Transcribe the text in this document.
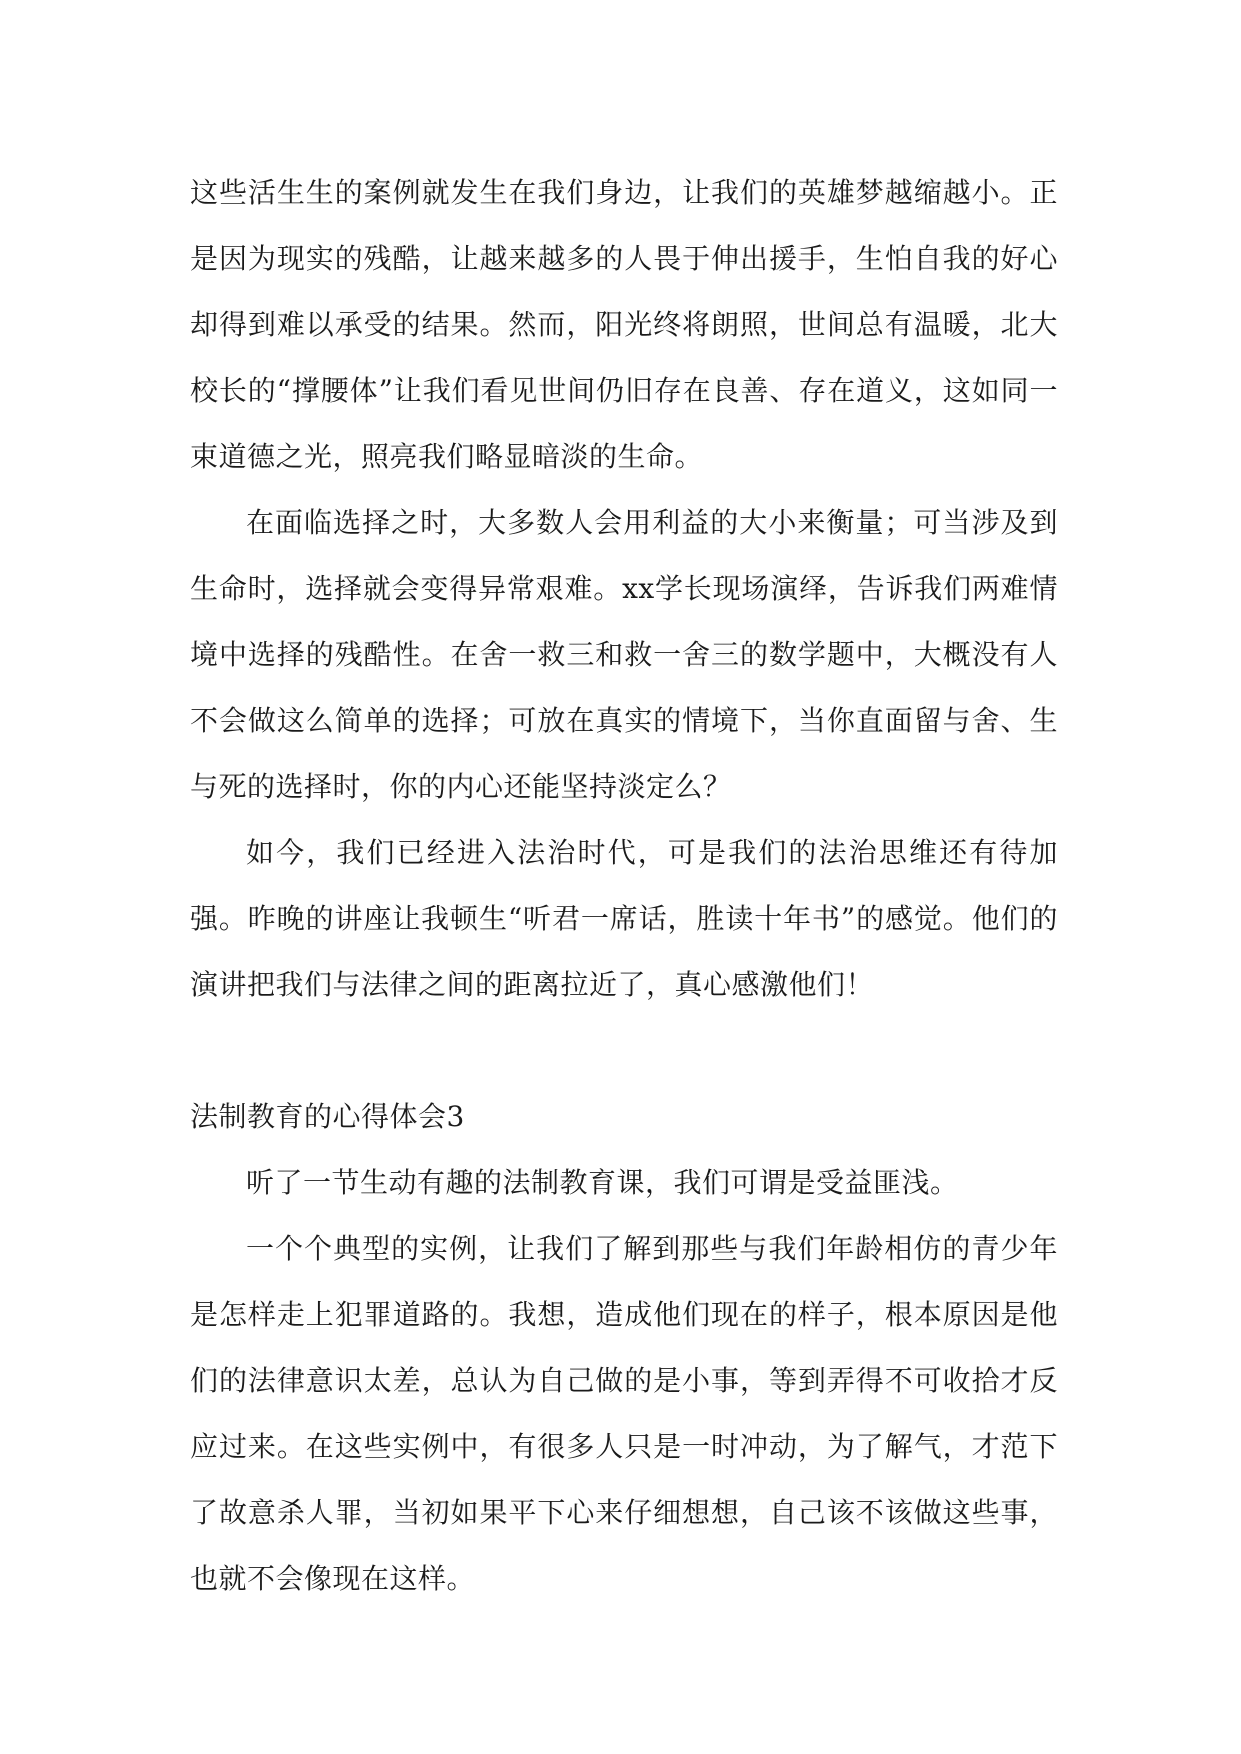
这些活生生的案例就发生在我们身边，让我们的英雄梦越缩越小。正是因为现实的残酷，让越来越多的人畏于伸出援手，生怕自我的好心却得到难以承受的结果。然而，阳光终将朗照，世间总有温暖，北大校长的“撑腰体”让我们看见世间仍旧存在良善、存在道义，这如同一束道德之光，照亮我们略显暗淡的生命。

在面临选择之时，大多数人会用利益的大小来衡量；可当涉及到生命时，选择就会变得异常艰难。xx学长现场演绎，告诉我们两难情境中选择的残酷性。在舍一救三和救一舍三的数学题中，大概没有人不会做这么简单的选择；可放在真实的情境下，当你直面留与舍、生与死的选择时，你的内心还能坚持淡定么？

如今，我们已经进入法治时代，可是我们的法治思维还有待加强。昨晚的讲座让我顿生“听君一席话，胜读十年书”的感觉。他们的演讲把我们与法律之间的距离拉近了，真心感激他们！

法制教育的心得体会3

听了一节生动有趣的法制教育课，我们可谓是受益匪浅。

一个个典型的实例，让我们了解到那些与我们年龄相仿的青少年是怎样走上犯罪道路的。我想，造成他们现在的样子，根本原因是他们的法律意识太差，总认为自己做的是小事，等到弄得不可收拾才反应过来。在这些实例中，有很多人只是一时冲动，为了解气，才范下了故意杀人罪，当初如果平下心来仔细想想，自己该不该做这些事，也就不会像现在这样。
